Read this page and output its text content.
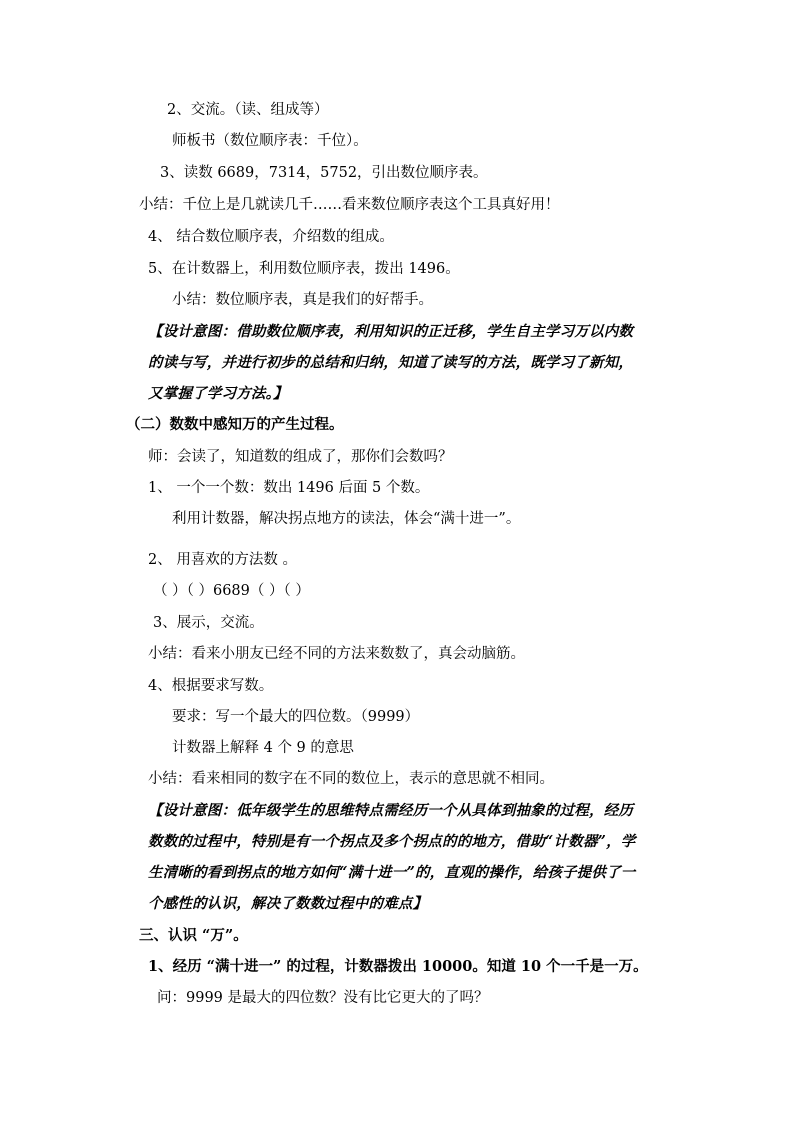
2、交流。（读、组成等）
师板书（数位顺序表：千位）。
3、读数 6689，7314，5752，引出数位顺序表。
小结：千位上是几就读几千……看来数位顺序表这个工具真好用！
4、 结合数位顺序表，介绍数的组成。
5、在计数器上，利用数位顺序表，拨出 1496。
小结：数位顺序表，真是我们的好帮手。
【设计意图：借助数位顺序表，利用知识的正迁移，学生自主学习万以内数
的读与写，并进行初步的总结和归纳，知道了读写的方法，既学习了新知，
又掌握了学习方法。】
（二）数数中感知万的产生过程。
师：会读了，知道数的组成了，那你们会数吗？
1、 一个一个数：数出 1496 后面 5 个数。
利用计数器，解决拐点地方的读法，体会“满十进一”。
2、 用喜欢的方法数 。
（ ）（ ）6689（ ）（ ）
3、展示，交流。
小结：看来小朋友已经不同的方法来数数了，真会动脑筋。
4、根据要求写数。
要求：写一个最大的四位数。（9999）
计数器上解释 4 个 9 的意思
小结：看来相同的数字在不同的数位上，表示的意思就不相同。
【设计意图：低年级学生的思维特点需经历一个从具体到抽象的过程，经历
数数的过程中，特别是有一个拐点及多个拐点的的地方，借助“计数器”，学
生清晰的看到拐点的地方如何“满十进一”的，直观的操作，给孩子提供了一
个感性的认识，解决了数数过程中的难点】
三、认识 “万”。
1、经历 “满十进一” 的过程，计数器拨出 10000。知道 10 个一千是一万。
问：9999 是最大的四位数？没有比它更大的了吗？
